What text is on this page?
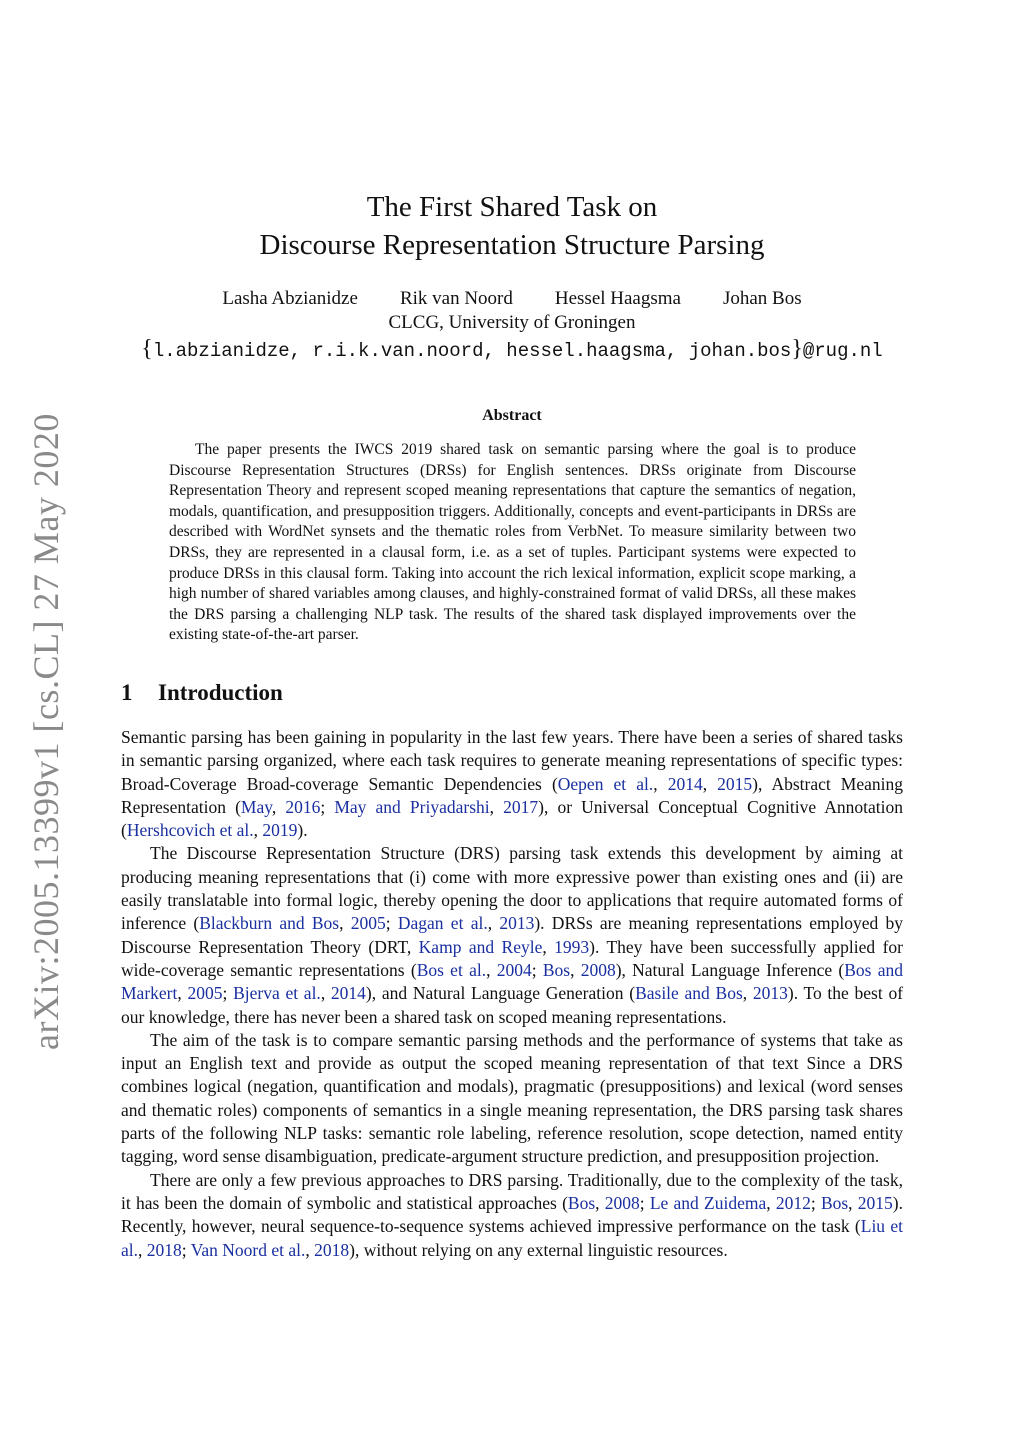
arXiv:2005.13399v1 [cs.CL] 27 May 2020
The First Shared Task on
Discourse Representation Structure Parsing
Lasha Abzianidze Rik van Noord Hessel Haagsma Johan Bos
CLCG, University of Groningen
{l.abzianidze, r.i.k.van.noord, hessel.haagsma, johan.bos}@rug.nl
Abstract

The paper presents the IWCS 2019 shared task on semantic parsing where the goal is to produce Discourse Representation Structures (DRSs) for English sentences. DRSs originate from Discourse Representation Theory and represent scoped meaning representations that capture the semantics of negation, modals, quantification, and presupposition triggers. Additionally, concepts and event-participants in DRSs are described with WordNet synsets and the thematic roles from VerbNet. To measure similarity between two DRSs, they are represented in a clausal form, i.e. as a set of tuples. Participant systems were expected to produce DRSs in this clausal form. Taking into account the rich lexical information, explicit scope marking, a high number of shared variables among clauses, and highly-constrained format of valid DRSs, all these makes the DRS parsing a challenging NLP task. The results of the shared task displayed improvements over the existing state-of-the-art parser.

1 Introduction

Semantic parsing has been gaining in popularity in the last few years. There have been a series of shared tasks in semantic parsing organized, where each task requires to generate meaning representations of specific types: Broad-Coverage Broad-coverage Semantic Dependencies (Oepen et al., 2014, 2015), Abstract Meaning Representation (May, 2016; May and Priyadarshi, 2017), or Universal Conceptual Cognitive Annotation (Hershcovich et al., 2019).

The Discourse Representation Structure (DRS) parsing task extends this development by aiming at producing meaning representations that (i) come with more expressive power than existing ones and (ii) are easily translatable into formal logic, thereby opening the door to applications that require automated forms of inference (Blackburn and Bos, 2005; Dagan et al., 2013). DRSs are meaning representations employed by Discourse Representation Theory (DRT, Kamp and Reyle, 1993). They have been successfully applied for wide-coverage semantic representations (Bos et al., 2004; Bos, 2008), Natural Language Inference (Bos and Markert, 2005; Bjerva et al., 2014), and Natural Language Generation (Basile and Bos, 2013). To the best of our knowledge, there has never been a shared task on scoped meaning representations.

The aim of the task is to compare semantic parsing methods and the performance of systems that take as input an English text and provide as output the scoped meaning representation of that text Since a DRS combines logical (negation, quantification and modals), pragmatic (presuppositions) and lexical (word senses and thematic roles) components of semantics in a single meaning representation, the DRS parsing task shares parts of the following NLP tasks: semantic role labeling, reference resolution, scope detection, named entity tagging, word sense disambiguation, predicate-argument structure prediction, and presupposition projection.

There are only a few previous approaches to DRS parsing. Traditionally, due to the complexity of the task, it has been the domain of symbolic and statistical approaches (Bos, 2008; Le and Zuidema, 2012; Bos, 2015). Recently, however, neural sequence-to-sequence systems achieved impressive performance on the task (Liu et al., 2018; Van Noord et al., 2018), without relying on any external linguistic resources.
